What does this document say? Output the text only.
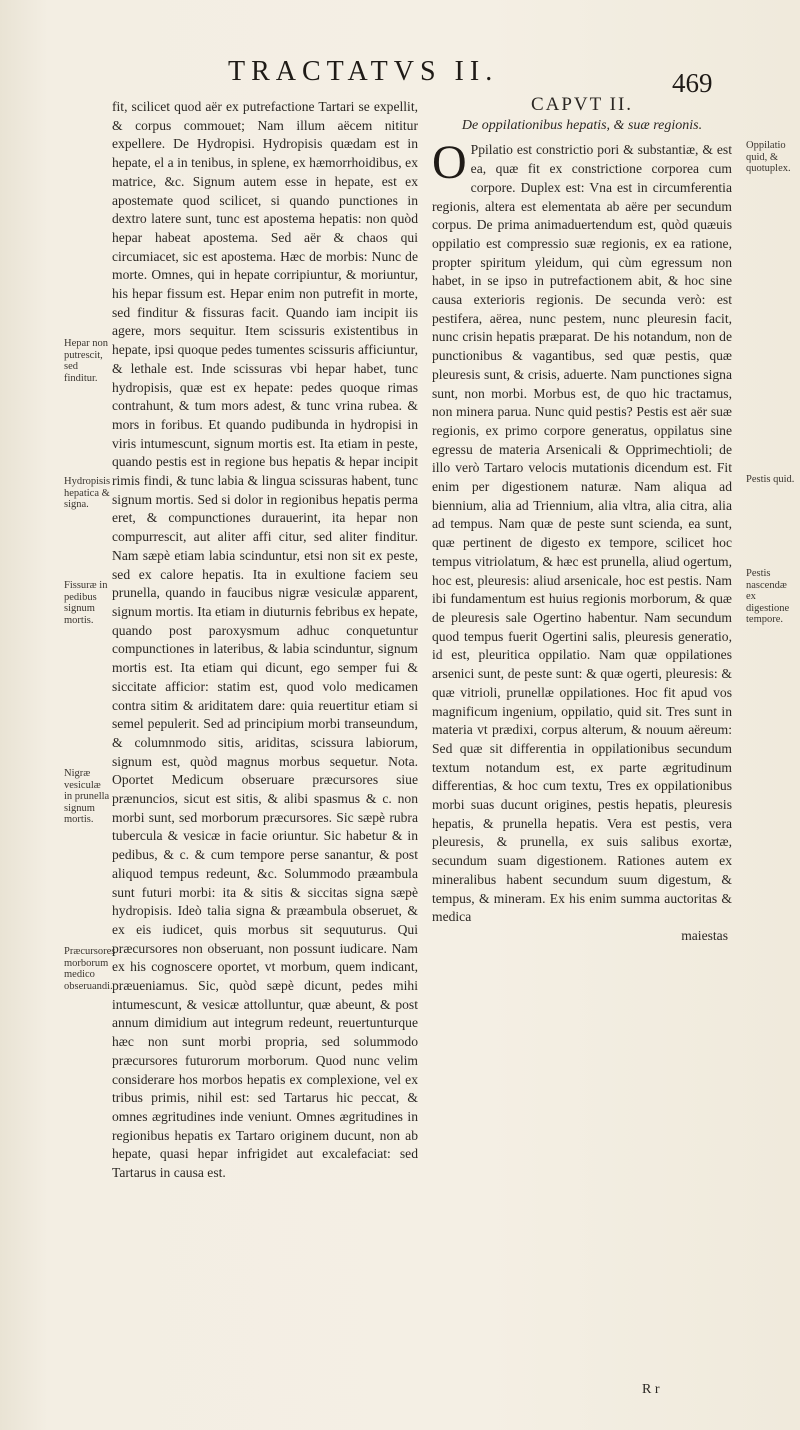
TRACTATVS II.	469

fit, scilicet quod aër ex putrefactione Tartari se expellit, & corpus commouet; Nam illum aëcem nititur expellere. De Hydropisi. Hydropisis quædam est in hepate, el a in tenibus, in splene, ex hæmorrhoidibus, ex matrice, &c. Signum autem esse in hepate, est ex apostemate quod scilicet, si quando punctiones in dextro latere sunt, tunc est apostema hepatis: non quòd hepar habeat apostema. Sed aër & chaos qui circumiacet, sic est apostema. Hæc de morbis: Nunc de morte. Omnes, qui in hepate corripiuntur, & moriuntur, his hepar fissum est. Hepar enim non putrefit in morte, sed finditur & fissuras facit. Quando iam incipit iis agere, mors sequitur. Item scissuris existentibus in hepate, ipsi quoque pedes tumentes scissuris afficiuntur, & lethale est. Inde scissuras vbi hepar habet, tunc hydropisis, quæ est ex hepate: pedes quoque rimas contrahunt, & tum mors adest, & tunc vrina rubea. & mors in foribus. Et quando pudibunda in hydropisi in viris intumescunt, signum mortis est. Ita etiam in peste, quando pestis est in regione bus hepatis & hepar incipit rimis findi, & tunc labia & lingua scissuras habent, tunc signum mortis. Sed si dolor in regionibus hepatis perma eret, & compunctiones durauerint, ita hepar non compurrescit, aut aliter affi citur, sed aliter finditur. Nam sæpè etiam labia scinduntur, etsi non sit ex peste, sed ex calore hepatis. Ita in exultione faciem seu prunella, quando in faucibus nigræ vesiculæ apparent, signum mortis. Ita etiam in diuturnis febribus ex hepate, quando post paroxysmum adhuc conquetuntur compunctiones in lateribus, & labia scinduntur, signum mortis est. Ita etiam qui dicunt, ego semper fui & siccitate afficior: statim est, quod volo medicamen contra sitim & ariditatem dare: quia reuertitur etiam si semel pepulerit. Sed ad principium morbi transeundum, & columnmodo sitis, ariditas, scissura labiorum, signum est, quòd magnus morbus sequetur. Nota. Oportet Medicum obseruare præcursores siue prænuncios, sicut est sitis, & alibi spasmus & c. non morbi sunt, sed morborum præcursores. Sic sæpè rubra tubercula & vesicæ in facie oriuntur. Sic habetur & in pedibus, & c. & cum tempore perse sanantur, & post aliquod tempus redeunt, &c. Solummodo præambula sunt futuri morbi: ita & sitis & siccitas signa sæpè hydropisis. Ideò talia signa & præambula obseruet, & ex eis iudicet, quis morbus sit sequuturus. Qui præcursores non obseruant, non possunt iudicare. Nam ex his cognoscere oportet, vt morbum, quem indicant, præueniamus. Sic, quòd sæpè dicunt, pedes mihi intumescunt, & vesicæ attolluntur, quæ abeunt, & post annum dimidium aut integrum redeunt, reuertunturque hæc non sunt morbi propria, sed solummodo præcursores futurorum morborum. Quod nunc velim considerare hos morbos hepatis ex complexione, vel ex tribus primis, nihil est: sed Tartarus hic peccat, & omnes ægritudines inde veniunt. Omnes ægritudines in regionibus hepatis ex Tartaro originem ducunt, non ab hepate, quasi hepar infrigidet aut excalefaciat: sed Tartarus in causa est.

CAPVT II.
De oppilationibus hepatis, & suæ regionis.

O Ppilatio est constrictio pori & substantiæ, & est ea, quæ fit ex constrictione corporea cum corpore. Duplex est: Vna est in circumferentia regionis, altera est elementata ab aëre per secundum corpus. De prima animaduertendum est, quòd quæuis oppilatio est compressio suæ regionis, ex ea ratione, propter spiritum yleidum, qui cùm egressum non habet, in se ipso in putrefactionem abit, & hoc sine causa exterioris regionis. De secunda verò: est pestifera, aërea, nunc pestem, nunc pleuresin facit, nunc crisin hepatis præparat. De his notandum, non de punctionibus & vagantibus, sed quæ pestis, quæ pleuresis sunt, & crisis, aduerte. Nam punctiones signa sunt, non morbi. Morbus est, de quo hic tractamus, non minera parua. Nunc quid pestis? Pestis est aër suæ regionis, ex primo corpore generatus, oppilatus sine egressu de materia Arsenicali & Opprimechtioli; de illo verò Tartaro velocis mutationis dicendum est. Fit enim per digestionem naturæ. Nam aliqua ad biennium, alia ad Triennium, alia vltra, alia citra, alia ad tempus. Nam quæ de peste sunt scienda, ea sunt, quæ pertinent de digesto ex tempore, scilicet hoc tempus vitriolatum, & hæc est prunella, aliud ogertum, hoc est, pleuresis: aliud arsenicale, hoc est pestis. Nam ibi fundamentum est huius regionis morborum, & quæ de pleuresis sale Ogertino habentur. Nam secundum quod tempus fuerit Ogertini salis, pleuresis generatio, id est, pleuritica oppilatio. Nam quæ oppilationes arsenici sunt, de peste sunt: & quæ ogerti, pleuresis: & quæ vitrioli, prunellæ oppilationes. Hoc fit apud vos magnificum ingenium, oppilatio, quid sit. Tres sunt in materia vt prædixi, corpus alterum, & nouum aëreum: Sed quæ sit differentia in oppilationibus secundum textum notandum est, ex parte ægritudinum differentias, & hoc cum textu, Tres ex oppilationibus morbi suas ducunt origines, pestis hepatis, pleuresis hepatis, & prunella hepatis. Vera est pestis, vera pleuresis, & prunella, ex suis salibus exortæ, secundum suam digestionem. Rationes autem ex mineralibus habent secundum suum digestum, & tempus, & mineram. Ex his enim summa auctoritas & medica

maiestas
R r
Hepar non putrescit, sed finditur.
Hydropisis hepatica & signa.
Fissuræ in pedibus signum mortis.
Nigræ vesiculæ in prunella signum mortis.
Præcursores morborum medico obseruandi.
Oppilatio quid, & quotuplex.
Pestis quid.
Pestis nascendæ ex digestione tempore.
